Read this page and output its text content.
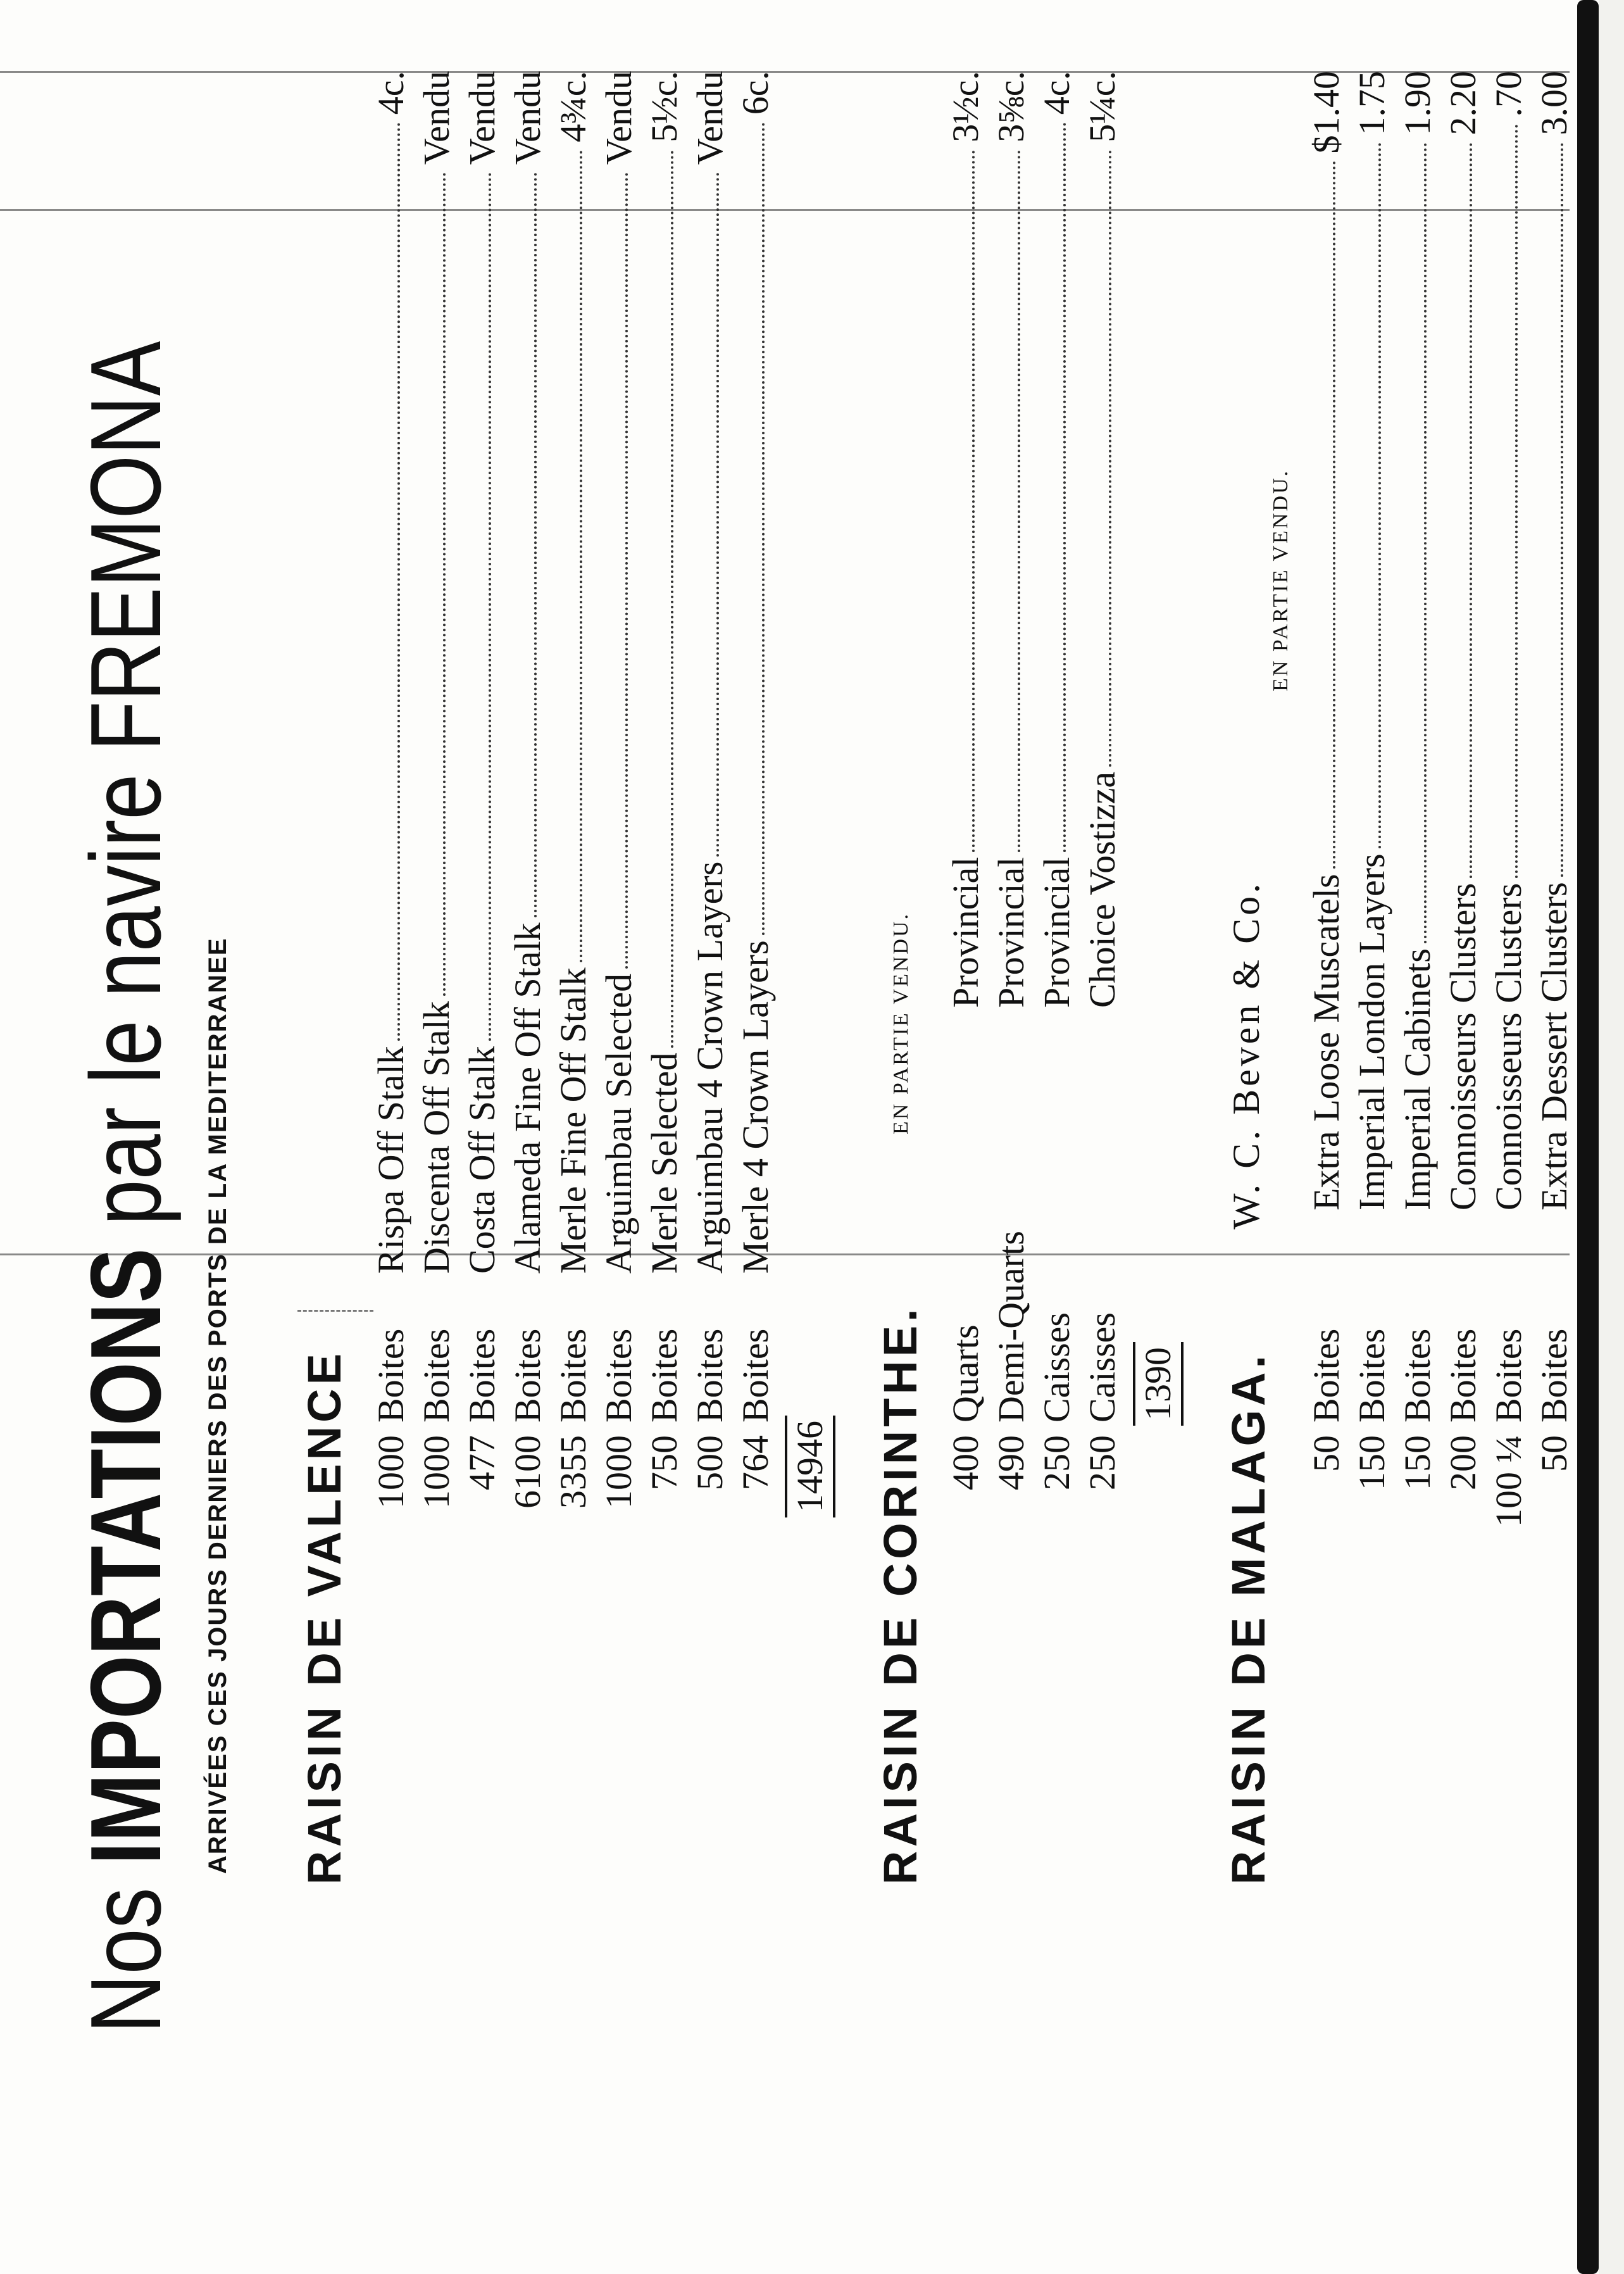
Nos IMPORTATIONS par le navire FREMONA
ARRIVÉES CES JOURS DERNIERS DES PORTS DE LA MEDITERRANEE RAISIN DE VALENCE 1000
Boites
Rispa Off Stalk
4c.
1000
Boites
Discenta Off Stalk
Vendu
477
Boites
Costa Off Stalk
Vendu
6100
Boites
Alameda Fine Off Stalk
Vendu
3355
Boites
Merle Fine Off Stalk
4¾c.
1000
Boites
Arguimbau Selected
Vendu
750
Boites
Merle Selected
5½c.
500
Boites
Arguimbau 4 Crown Layers
Vendu
764
Boites
Merle 4 Crown Layers
6c.
14946 RAISIN DE CORINTHE.
EN PARTIE VENDU.
400
Quarts
Provincial
3½c.
490
Demi-Quarts
Provincial
3⅝c.
250
Caisses
Provincial
4c.
250
Caisses
Choice Vostizza
5¼c.
1390 RAISIN DE MALAGA.
W. C. Beven & Co.
EN PARTIE VENDU.
50
Boites
Extra Loose Muscatels
$1.40
150
Boites
Imperial London Layers
1.75
150
Boites
Imperial Cabinets
1.90
200
Boites
Connoisseurs Clusters
2.20
100 ¼
Boites
Connoisseurs Clusters
.70
50
Boites
Extra Dessert Clusters
3.00
